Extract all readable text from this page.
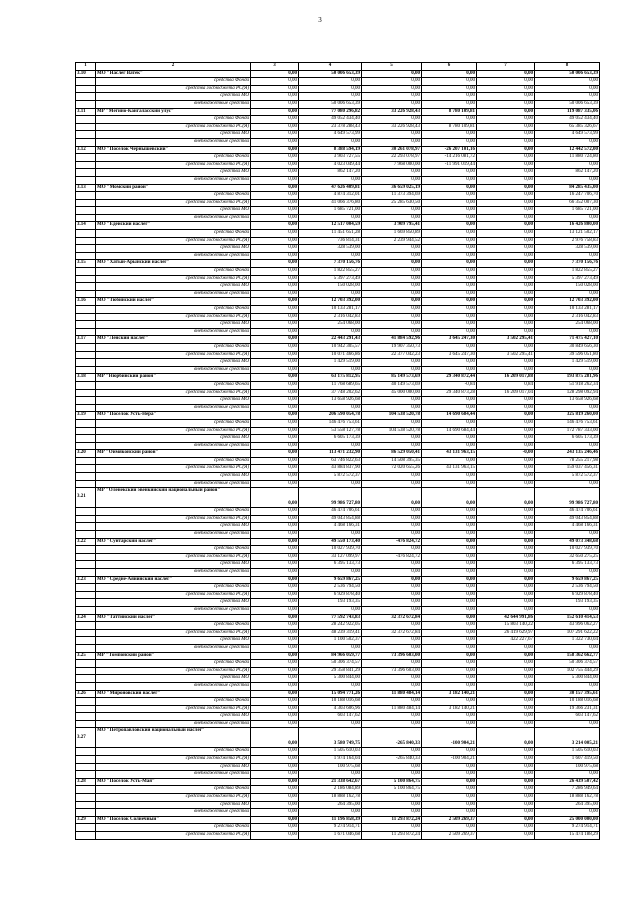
3
1	2	3	4	5	6	7	8
3.10	МО "Наслег Ватек"	0,00	50 006 653,39	0,00	0,00	0,00	50 006 653,39
	средства Фонда	0,00	0,00	0,00	0,00	0,00	0,00
	средства госбюджета РС(Я)	0,00	0,00	0,00	0,00	0,00	0,00
	средства МО	0,00	0,00	0,00	0,00	0,00	0,00
	внебюджетные средства	0,00	50 006 653,39	0,00	0,00	0,00	50 006 653,39
3.11	МР "Мегино-Кангаласский улус"	0,00	77 080 296,82	33 226 928,43	8 780 109,81	0,00	119 087 335,06
	средства Фонда	0,00	49 052 434,40	0,00	0,00	0,00	49 052 434,40
	средства госбюджета РС(Я)	0,00	23 378 288,43	33 226 928,43	8 780 109,81	0,00	65 385 326,67
	средства МО	0,00	4 649 573,99	0,00	0,00	0,00	4 649 573,99
	внебюджетные средства	0,00	0,00	0,00	0,00	0,00	0,00
3.12	МО "Поселок Чернышевский"	0,00	8 388 594,19	30 261 078,97	-26 207 101,16	0,00	12 442 572,00
	средства Фонда	0,00	3 903 727,55	22 293 078,97	-14 216 081,72	0,00	11 880 724,80
	средства госбюджета РС(Я)	0,00	4 023 049,44	7 968 000,00	-11 991 019,44	0,00	0,00
	средства МО	0,00	862 147,20	0,00	0,00	0,00	862 147,20
	внебюджетные средства	0,00	0,00	0,00	0,00	0,00	0,00
3.13	МО "Момский район"	0,00	47 626 409,81	36 659 025,19	0,00	0,00	84 285 435,00
	средства Фонда	0,00	4 874 312,01	11 373 394,69	0,00	0,00	16 247 706,70
	средства госбюджета РС(Я)	0,00	41 066 376,80	25 285 630,50	0,00	0,00	66 352 007,30
	средства МО	0,00	1 685 721,00	0,00	0,00	0,00	1 685 721,00
	внебюджетные средства	0,00	0,00	0,00	0,00	0,00	0,00
3.14	МО "Едейский наслег"	0,00	12 517 004,59	3 909 795,41	0,00	0,00	16 426 800,00
	средства Фонда	0,00	11 451 651,28	1 669 850,89	0,00	0,00	13 121 502,17
	средства госбюджета РС(Я)	0,00	736 814,31	2 239 944,52	0,00	0,00	2 976 758,83
	средства МО	0,00	328 539,00	0,00	0,00	0,00	328 539,00
	внебюджетные средства	0,00	0,00	0,00	0,00	0,00	0,00
3.15	МО "Хатын-Арынский наслег"	0,00	7 370 156,76	0,00	0,00	0,00	7 370 156,76
	средства Фонда	0,00	1 822 855,27	0,00	0,00	0,00	1 822 855,27
	средства госбюджета РС(Я)	0,00	5 397 273,49	0,00	0,00	0,00	5 397 273,49
	средства МО	0,00	150 028,00	0,00	0,00	0,00	150 028,00
	внебюджетные средства	0,00	0,00	0,00	0,00	0,00	0,00
3.16	МО "Тюбинский наслег"	0,00	12 703 392,00	0,00	0,00	0,00	12 703 392,00
	средства Фонда	0,00	10 133 281,17	0,00	0,00	0,00	10 133 281,17
	средства госбюджета РС(Я)	0,00	2 316 042,83	0,00	0,00	0,00	2 316 042,83
	средства МО	0,00	254 068,00	0,00	0,00	0,00	254 068,00
	внебюджетные средства	0,00	0,00	0,00	0,00	0,00	0,00
3.17	МО "Ленский наслег"	0,00	22 443 291,43	41 884 592,96	3 645 247,30	3 502 295,41	71 475 427,10
	средства Фонда	0,00	10 942 305,57	19 907 350,73	0,00	0,00	30 849 656,30
	средства госбюджета РС(Я)	0,00	10 071 466,86	22 377 042,23	3 645 247,30	3 502 295,41	39 596 051,80
	средства МО	0,00	1 429 519,00	0,00	0,00	0,00	1 429 519,00
	внебюджетные средства	0,00	0,00	0,00	0,00	0,00	0,00
3.18	МР "Нюрбинский район"	0,00	63 175 812,95	85 149 573,69	29 340 872,44	16 209 017,88	193 875 281,96
	средства Фонда	0,00	11 768 689,65	40 149 573,69	-0,84	0,84	51 918 262,34
	средства госбюджета РС(Я)	0,00	37 748 202,62	45 000 000,00	29 340 873,28	16 209 017,04	128 298 092,94
	средства МО	0,00	13 658 926,68	0,00	0,00	0,00	13 658 926,68
	внебюджетные средства	0,00	0,00	0,00	0,00	0,00	0,00
3.19	МО "Поселок Усть-Нера"	0,00	206 590 054,78	104 538 520,78	14 690 684,44	0,00	325 819 260,00
	средства Фонда	0,00	146 476 753,61	0,00	0,00	0,00	146 476 753,61
	средства госбюджета РС(Я)	0,00	53 558 127,78	104 538 520,78	14 690 684,44	0,00	172 787 333,00
	средства МО	0,00	6 605 173,39	0,00	0,00	0,00	6 605 173,39
	внебюджетные средства	0,00	0,00	0,00	0,00	0,00	0,00
3.20	МР "Оймяконский район"	0,00	113 471 232,90	86 529 050,41	43 131 963,15	-0,00	243 135 246,46
	средства Фонда	0,00	63 746 822,63	14 508 395,35	0,00	0,00	78 255 217,98
	средства госбюджета РС(Я)	0,00	43 884 837,90	72 020 655,26	43 131 963,15	0,00	159 037 456,31
	средства МО	0,00	5 872 572,37	0,00	0,00	0,00	5 872 572,37
	внебюджетные средства	0,00	0,00	0,00	0,00	0,00	0,00
3.21	МР "Оленекский эвенкийский национальный район"	0,00	99 986 727,80	0,00	0,00	0,00	99 986 727,80
	средства Фонда	0,00	46 474 706,61	0,00	0,00	0,00	46 474 706,61
	средства госбюджета РС(Я)	0,00	49 043 854,88	0,00	0,00	0,00	49 043 854,88
	средства МО	0,00	4 468 166,31	0,00	0,00	0,00	4 468 166,31
	внебюджетные средства	0,00	0,00	0,00	0,00	0,00	0,00
3.22	МО "Сунтарский наслег"	0,00	49 550 173,40	-476 824,72	0,00	0,00	49 073 348,68
	средства Фонда	0,00	10 027 939,70	0,00	0,00	0,00	10 027 939,70
	средства госбюджета РС(Я)	0,00	33 127 099,97	-476 824,72	0,00	0,00	32 650 275,25
	средства МО	0,00	6 395 133,73	0,00	0,00	0,00	6 395 133,73
	внебюджетные средства	0,00	0,00	0,00	0,00	0,00	0,00
3.23	МО "Средне-Аянинский наслег"	0,00	9 659 867,25	0,00	0,00	0,00	9 659 867,25
	средства Фонда	0,00	2 536 794,50	0,00	0,00	0,00	2 536 794,50
	средства госбюджета РС(Я)	0,00	6 929 878,40	0,00	0,00	0,00	6 929 878,40
	средства МО	0,00	193 193,35	0,00	0,00	0,00	193 193,35
	внебюджетные средства	0,00	0,00	0,00	0,00	0,00	0,00
3.24	МО "Таттинский наслег"	0,00	77 592 743,83	32 372 672,84	0,00	42 644 991,86	152 610 414,53
	средства Фонда	0,00	28 242 922,05	0,00	0,00	15 803 140,22	43 996 062,27
	средства госбюджета РС(Я)	0,00	48 239 319,41	32 372 672,84	0,00	26 419 629,97	107 291 622,22
	средства МО	0,00	1 100 502,37	0,00	0,00	422 227,67	1 322 730,04
	внебюджетные средства	0,00	0,00	0,00	0,00	0,00	0,00
3.25	МР "Томпонский район"	0,00	84 966 059,77	73 396 603,00	0,00	0,00	158 362 662,77
	средства Фонда	0,00	50 306 374,57	0,00	0,00	0,00	50 306 374,57
	средства госбюджета РС(Я)	0,00	29 358 841,29	73 396 603,00	0,00	0,00	102 755 444,29
	средства МО	0,00	5 300 844,00	0,00	0,00	0,00	5 300 844,00
	внебюджетные средства	0,00	0,00	0,00	0,00	0,00	0,00
3.26	МО "Мироновский наслег"	0,00	15 094 771,26	11 880 484,14	3 182 140,21	0,00	30 157 395,61
	средства Фонда	0,00	10 188 016,68	0,00	0,00	0,00	10 188 016,68
	средства госбюджета РС(Я)	0,00	4 303 606,96	11 880 484,14	3 182 140,21	0,00	19 366 231,31
	средства МО	0,00	603 147,62	0,00	0,00	0,00	603 147,62
	внебюджетные средства	0,00	0,00	0,00	0,00	0,00	0,00
3.27	МО "Петропавловский национальный наслег"	0,00	3 580 749,75	-265 840,33	-100 904,21	0,00	3 214 005,21
	средства Фонда	0,00	1 505 610,03	0,00	0,00	0,00	1 505 610,03
	средства госбюджета РС(Я)	0,00	1 974 164,04	-265 840,33	-100 904,21	0,00	1 607 419,50
	средства МО	0,00	100 975,68	0,00	0,00	0,00	100 975,68
	внебюджетные средства	0,00	0,00	0,00	0,00	0,00	0,00
3.28	МО "Поселок Усть-Мая"	0,00	21 338 642,67	5 100 864,75	0,00	0,00	26 439 507,42
	средства Фонда	0,00	2 186 084,89	5 100 864,75	0,00	0,00	7 286 949,64
	средства госбюджета РС(Я)	0,00	18 888 162,78	0,00	0,00	0,00	18 888 162,78
	средства МО	0,00	264 395,00	0,00	0,00	0,00	264 395,00
	внебюджетные средства	0,00	0,00	0,00	0,00	0,00	0,00
3.29	МО "Поселок Солнечный"	0,00	11 196 858,39	11 293 872,24	2 509 269,37	0,00	25 000 000,00
	средства Фонда	0,00	9 274 914,71	0,00	0,00	0,00	9 274 914,71
	средства госбюджета РС(Я)	0,00	1 671 046,68	11 293 872,24	2 509 269,37	0,00	15 474 188,29
